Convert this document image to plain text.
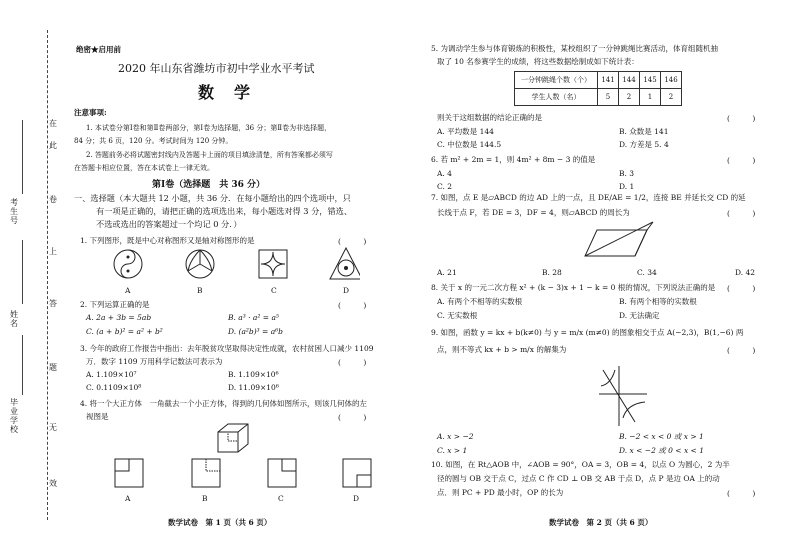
在
此
卷
上
答
题
无
效
考生号
姓名
毕业学校
绝密★启用前
2020 年山东省潍坊市初中学业水平考试
数　学
注意事项:
1. 本试卷分第Ⅰ卷和第Ⅱ卷两部分，第Ⅰ卷为选择题，36 分；第Ⅱ卷为非选择题，
84 分；共 6 页，120 分。考试时间为 120 分钟。
2. 答题前务必将试题密封线内及答题卡上面的项目填涂清楚，所有答案都必须写
在答题卡相应位置，答在本试卷上一律无效。
第Ⅰ卷（选择题　共 36 分）
一、选择题（本大题共 12 小题，共 36 分．在每小题给出的四个选项中，只
有一项是正确的，请把正确的选项选出来，每小题选对得 3 分，错选、
不选或选出的答案超过一个均记 0 分．）
1. 下列图形，既是中心对称图形又是轴对称图形的是	(　　　)
A	B	C	D
2. 下列运算正确的是	(　　　)
A. 2a + 3b = 5ab	B. a³ · a² = a⁵
C. (a + b)² = a² + b²	D. (a²b)³ = a⁶b
3. 今年的政府工作报告中指出：去年脱贫攻坚取得决定性成就，农村贫困人口减少 1109
万．数字 1109 万用科学记数法可表示为	(　　　)
A. 1.109×10⁷	B. 1.109×10⁶
C. 0.1109×10⁸	D. 11.09×10⁶
4. 将一个大正方体　一角截去一个小正方体，得到的几何体如图所示，则该几何体的左
视图是	(　　　)
A	B	C	D
数学试卷　第 1 页（共 6 页）
5. 为调动学生参与体育锻炼的积极性，某校组织了一分钟跳绳比赛活动，体育组随机抽
取了 10 名参赛学生的成绩，将这些数据绘制成如下统计表：
一分钟跳绳个数（个）	141	144	145	146
学生人数（名）	5	2	1	2
则关于这组数据的结论正确的是	(　　　)
A. 平均数是 144	B. 众数是 141
C. 中位数是 144.5	D. 方差是 5. 4
6. 若 m² + 2m = 1，则 4m² + 8m − 3 的值是	(　　　)
A. 4	B. 3
C. 2	D. 1
7. 如图，点 E 是▱ABCD 的边 AD 上的一点，且 DE/AE = 1/2，连接 BE 并延长交 CD 的延
长线于点 F，若 DE = 3，DF = 4，则▱ABCD 的周长为	(　　　)
A. 21	B. 28	C. 34	D. 42
8. 关于 x 的一元二次方程 x² + (k − 3)x + 1 − k = 0 根的情况，下列说法正确的是 (　　　)
A. 有两个不相等的实数根	B. 有两个相等的实数根
C. 无实数根	D. 无法确定
9. 如图，函数 y = kx + b(k≠0) 与 y = m/x (m≠0) 的图象相交于点 A(−2,3)，B(1,−6) 两
点，则不等式 kx + b > m/x 的解集为	(　　　)
A. x > −2	B. −2 < x < 0 或 x > 1
C. x > 1	D. x < −2 或 0 < x < 1
10. 如图，在 Rt△AOB 中，∠AOB = 90°，OA = 3，OB = 4，以点 O 为圆心，2 为半
径的圆与 OB 交于点 C，过点 C 作 CD ⊥ OB 交 AB 于点 D，点 P 是边 OA 上的动
点．则 PC + PD 最小时，OP 的长为	(　　　)
数学试卷　第 2 页（共 6 页）
